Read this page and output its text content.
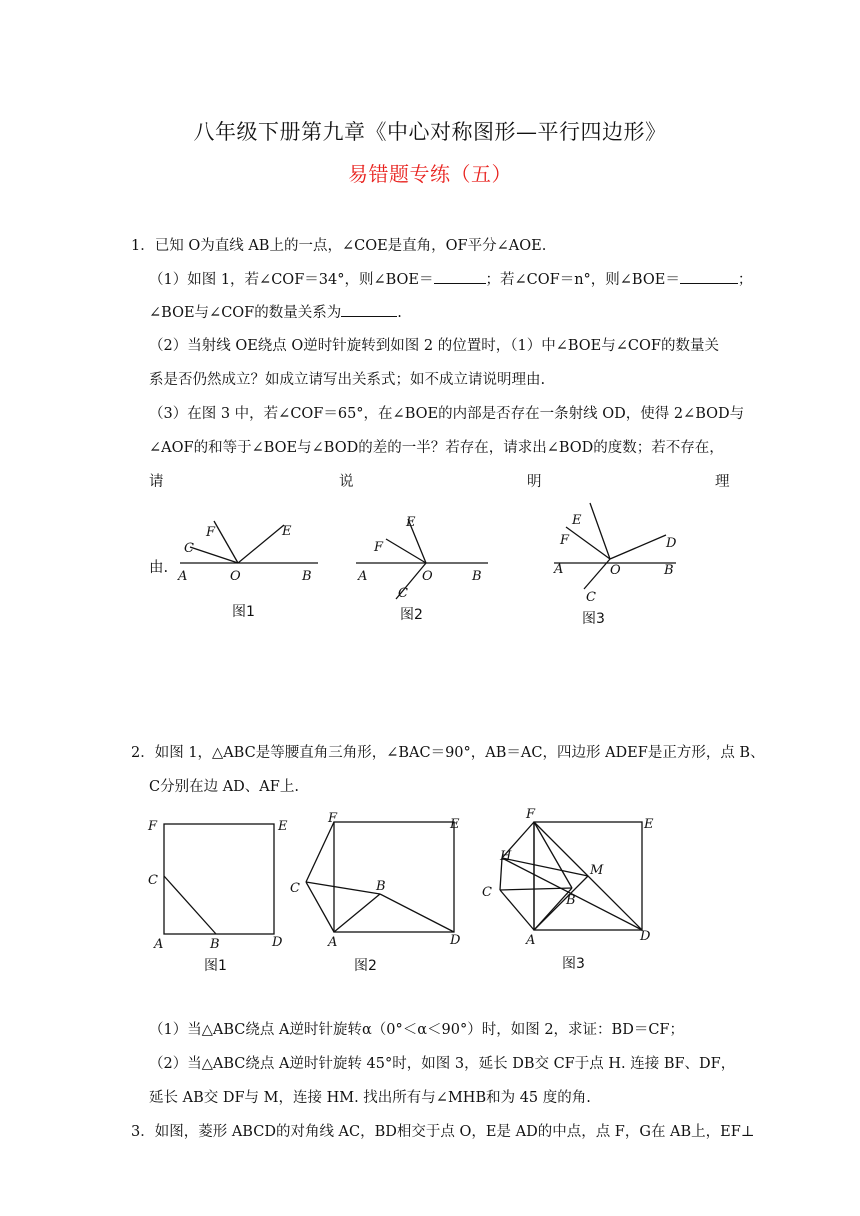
八年级下册第九章《中心对称图形—平行四边形》
易错题专练（五）
1．已知 O为直线 AB上的一点，∠COE是直角，OF平分∠AOE.
（1）如图 1，若∠COF＝34°，则∠BOE＝	；若∠COF＝n°，则∠BOE＝	；
∠BOE与∠COF的数量关系为	.
（2）当射线 OE绕点 O逆时针旋转到如图 2 的位置时，（1）中∠BOE与∠COF的数量关
系是否仍然成立？如成立请写出关系式；如不成立请说明理由.
（3）在图 3 中，若∠COF＝65°，在∠BOE的内部是否存在一条射线 OD，使得 2∠BOD与
∠AOF的和等于∠BOE与∠BOD的差的一半？若存在，请求出∠BOD的度数；若不存在，
请	说	明	理
由.
A	O	B
C
F	E
图1
A	O	B
C
F
E
图2
E
F	D
A	O	B
C
图3
2．如图 1，△ABC是等腰直角三角形，∠BAC＝90°，AB＝AC，四边形 ADEF是正方形，点 B、
C分别在边 AD、AF上.
F	E
C
A	B	D
图1
F	E
C	B
A	D
图2
F
E
H
M
C
B
A	D
图3
（1）当△ABC绕点 A逆时针旋转α（0°＜α＜90°）时，如图 2，求证：BD＝CF；
（2）当△ABC绕点 A逆时针旋转 45°时，如图 3，延长 DB交 CF于点 H. 连接 BF、DF，
延长 AB交 DF与 M，连接 HM. 找出所有与∠MHB和为 45 度的角.
3．如图，菱形 ABCD的对角线 AC，BD相交于点 O，E是 AD的中点，点 F，G在 AB上，EF⊥
